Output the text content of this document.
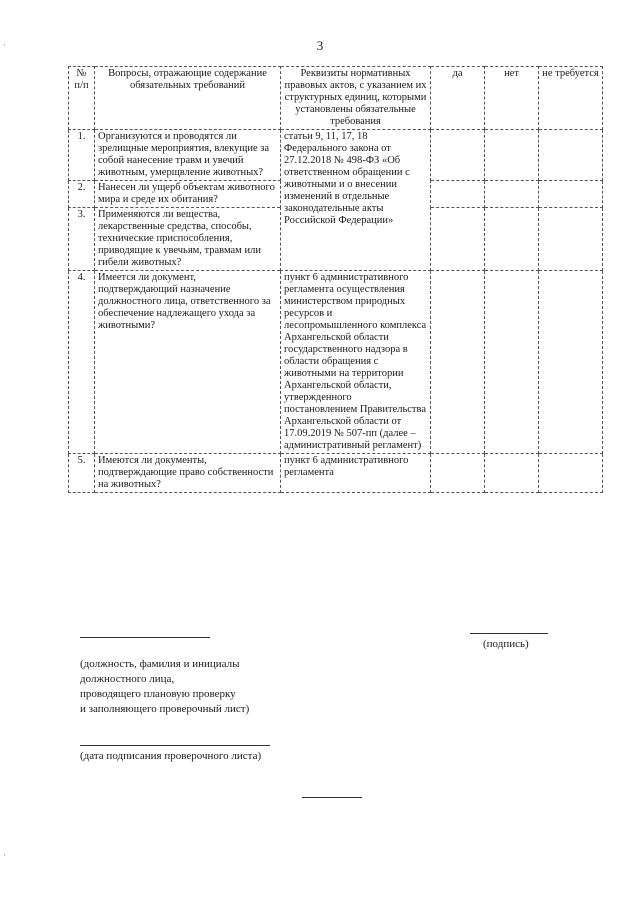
3
№ п/п	Вопросы, отражающие содержание обязательных требований	Реквизиты нормативных правовых актов, с указанием их структурных единиц, которыми установлены обязательные требования	да	нет	не требуется
1.	Организуются и проводятся ли зрелищные мероприятия, влекущие за собой нанесение травм и увечий животным, умерщвление животных?	статьи 9, 11, 17, 18 Федерального закона от 27.12.2018 № 498-ФЗ «Об ответственном обращении с животными и о внесении изменений в отдельные законодательные акты Российской Федерации»			
2.	Нанесен ли ущерб объектам животного мира и среде их обитания?				
3.	Применяются ли вещества, лекарственные средства, способы, технические приспособления, приводящие к увечьям, травмам или гибели животных?				
4.	Имеется ли документ, подтверждающий назначение должностного лица, ответственного за обеспечение надлежащего ухода за животными?	пункт 6 административного регламента осуществления министерством природных ресурсов и лесопромышленного комплекса Архангельской области государственного надзора в области обращения с животными на территории Архангельской области, утвержденного постановлением Правительства Архангельской области от 17.09.2019 № 507-пп (далее – административный регламент)			
5.	Имеются ли документы, подтверждающие право собственности на животных?	пункт 6 административного регламента			
(подпись)
(должность, фамилия и инициалы
должностного лица,
проводящего плановую проверку
и заполняющего проверочный лист)
(дата подписания проверочного листа)
·
·
